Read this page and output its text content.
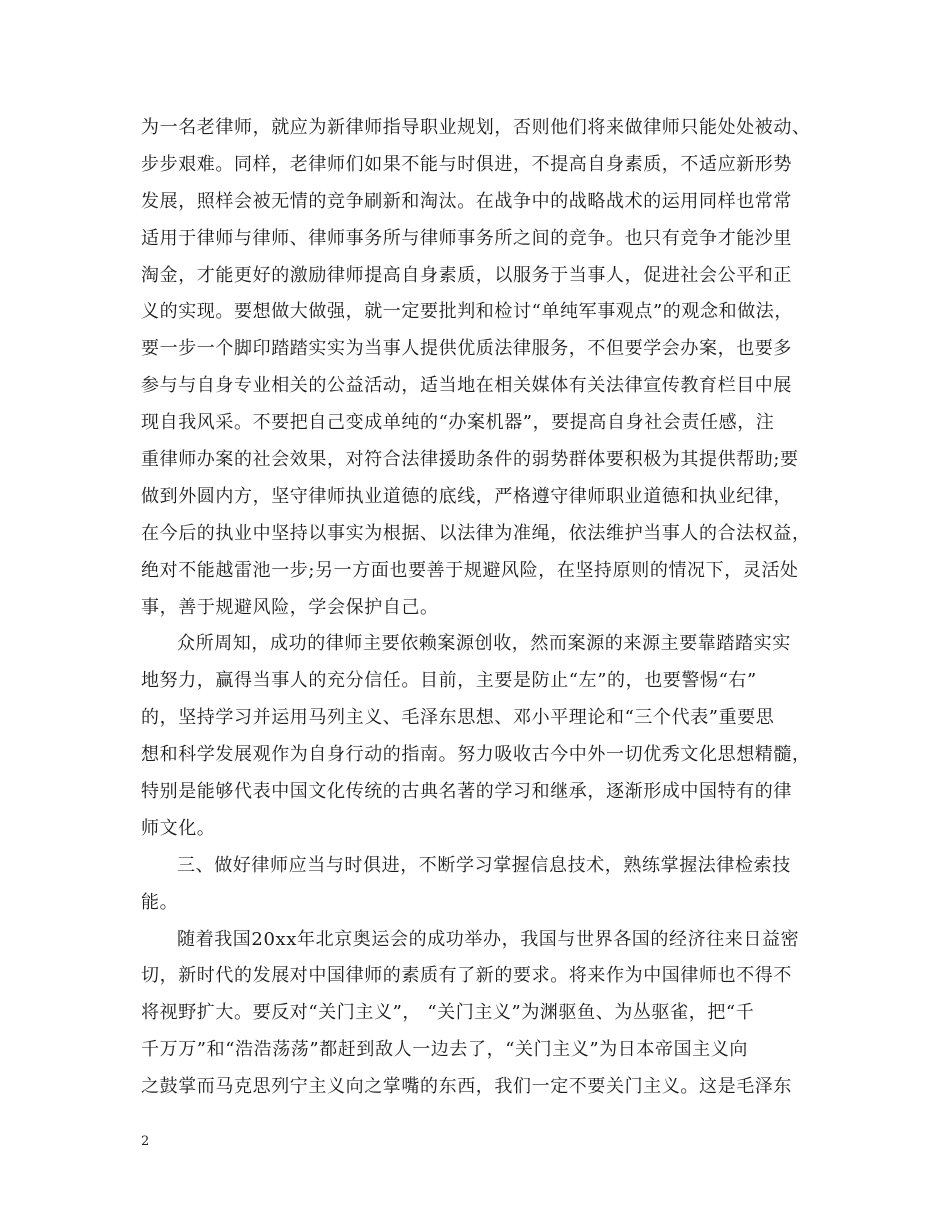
为一名老律师，就应为新律师指导职业规划，否则他们将来做律师只能处处被动、
步步艰难。同样，老律师们如果不能与时俱进，不提高自身素质，不适应新形势
发展，照样会被无情的竞争刷新和淘汰。在战争中的战略战术的运用同样也常常
适用于律师与律师、律师事务所与律师事务所之间的竞争。也只有竞争才能沙里
淘金，才能更好的激励律师提高自身素质，以服务于当事人，促进社会公平和正
义的实现。要想做大做强，就一定要批判和检讨“单纯军事观点”的观念和做法，
要一步一个脚印踏踏实实为当事人提供优质法律服务，不但要学会办案，也要多
参与与自身专业相关的公益活动，适当地在相关媒体有关法律宣传教育栏目中展
现自我风采。不要把自己变成单纯的“办案机器”，要提高自身社会责任感，注
重律师办案的社会效果，对符合法律援助条件的弱势群体要积极为其提供帮助;要
做到外圆内方，坚守律师执业道德的底线，严格遵守律师职业道德和执业纪律，
在今后的执业中坚持以事实为根据、以法律为准绳，依法维护当事人的合法权益，
绝对不能越雷池一步;另一方面也要善于规避风险，在坚持原则的情况下，灵活处
事，善于规避风险，学会保护自己。
众所周知，成功的律师主要依赖案源创收，然而案源的来源主要靠踏踏实实
地努力，赢得当事人的充分信任。目前，主要是防止“左”的，也要警惕“右”
的，坚持学习并运用马列主义、毛泽东思想、邓小平理论和“三个代表”重要思
想和科学发展观作为自身行动的指南。努力吸收古今中外一切优秀文化思想精髓，
特别是能够代表中国文化传统的古典名著的学习和继承，逐渐形成中国特有的律
师文化。
三、做好律师应当与时俱进，不断学习掌握信息技术，熟练掌握法律检索技
能。
随着我国20xx年北京奥运会的成功举办，我国与世界各国的经济往来日益密
切，新时代的发展对中国律师的素质有了新的要求。将来作为中国律师也不得不
将视野扩大。要反对“关门主义”， “关门主义”为渊驱鱼、为丛驱雀，把“千
千万万”和“浩浩荡荡”都赶到敌人一边去了，“关门主义”为日本帝国主义向
之鼓掌而马克思列宁主义向之掌嘴的东西，我们一定不要关门主义。这是毛泽东
2
